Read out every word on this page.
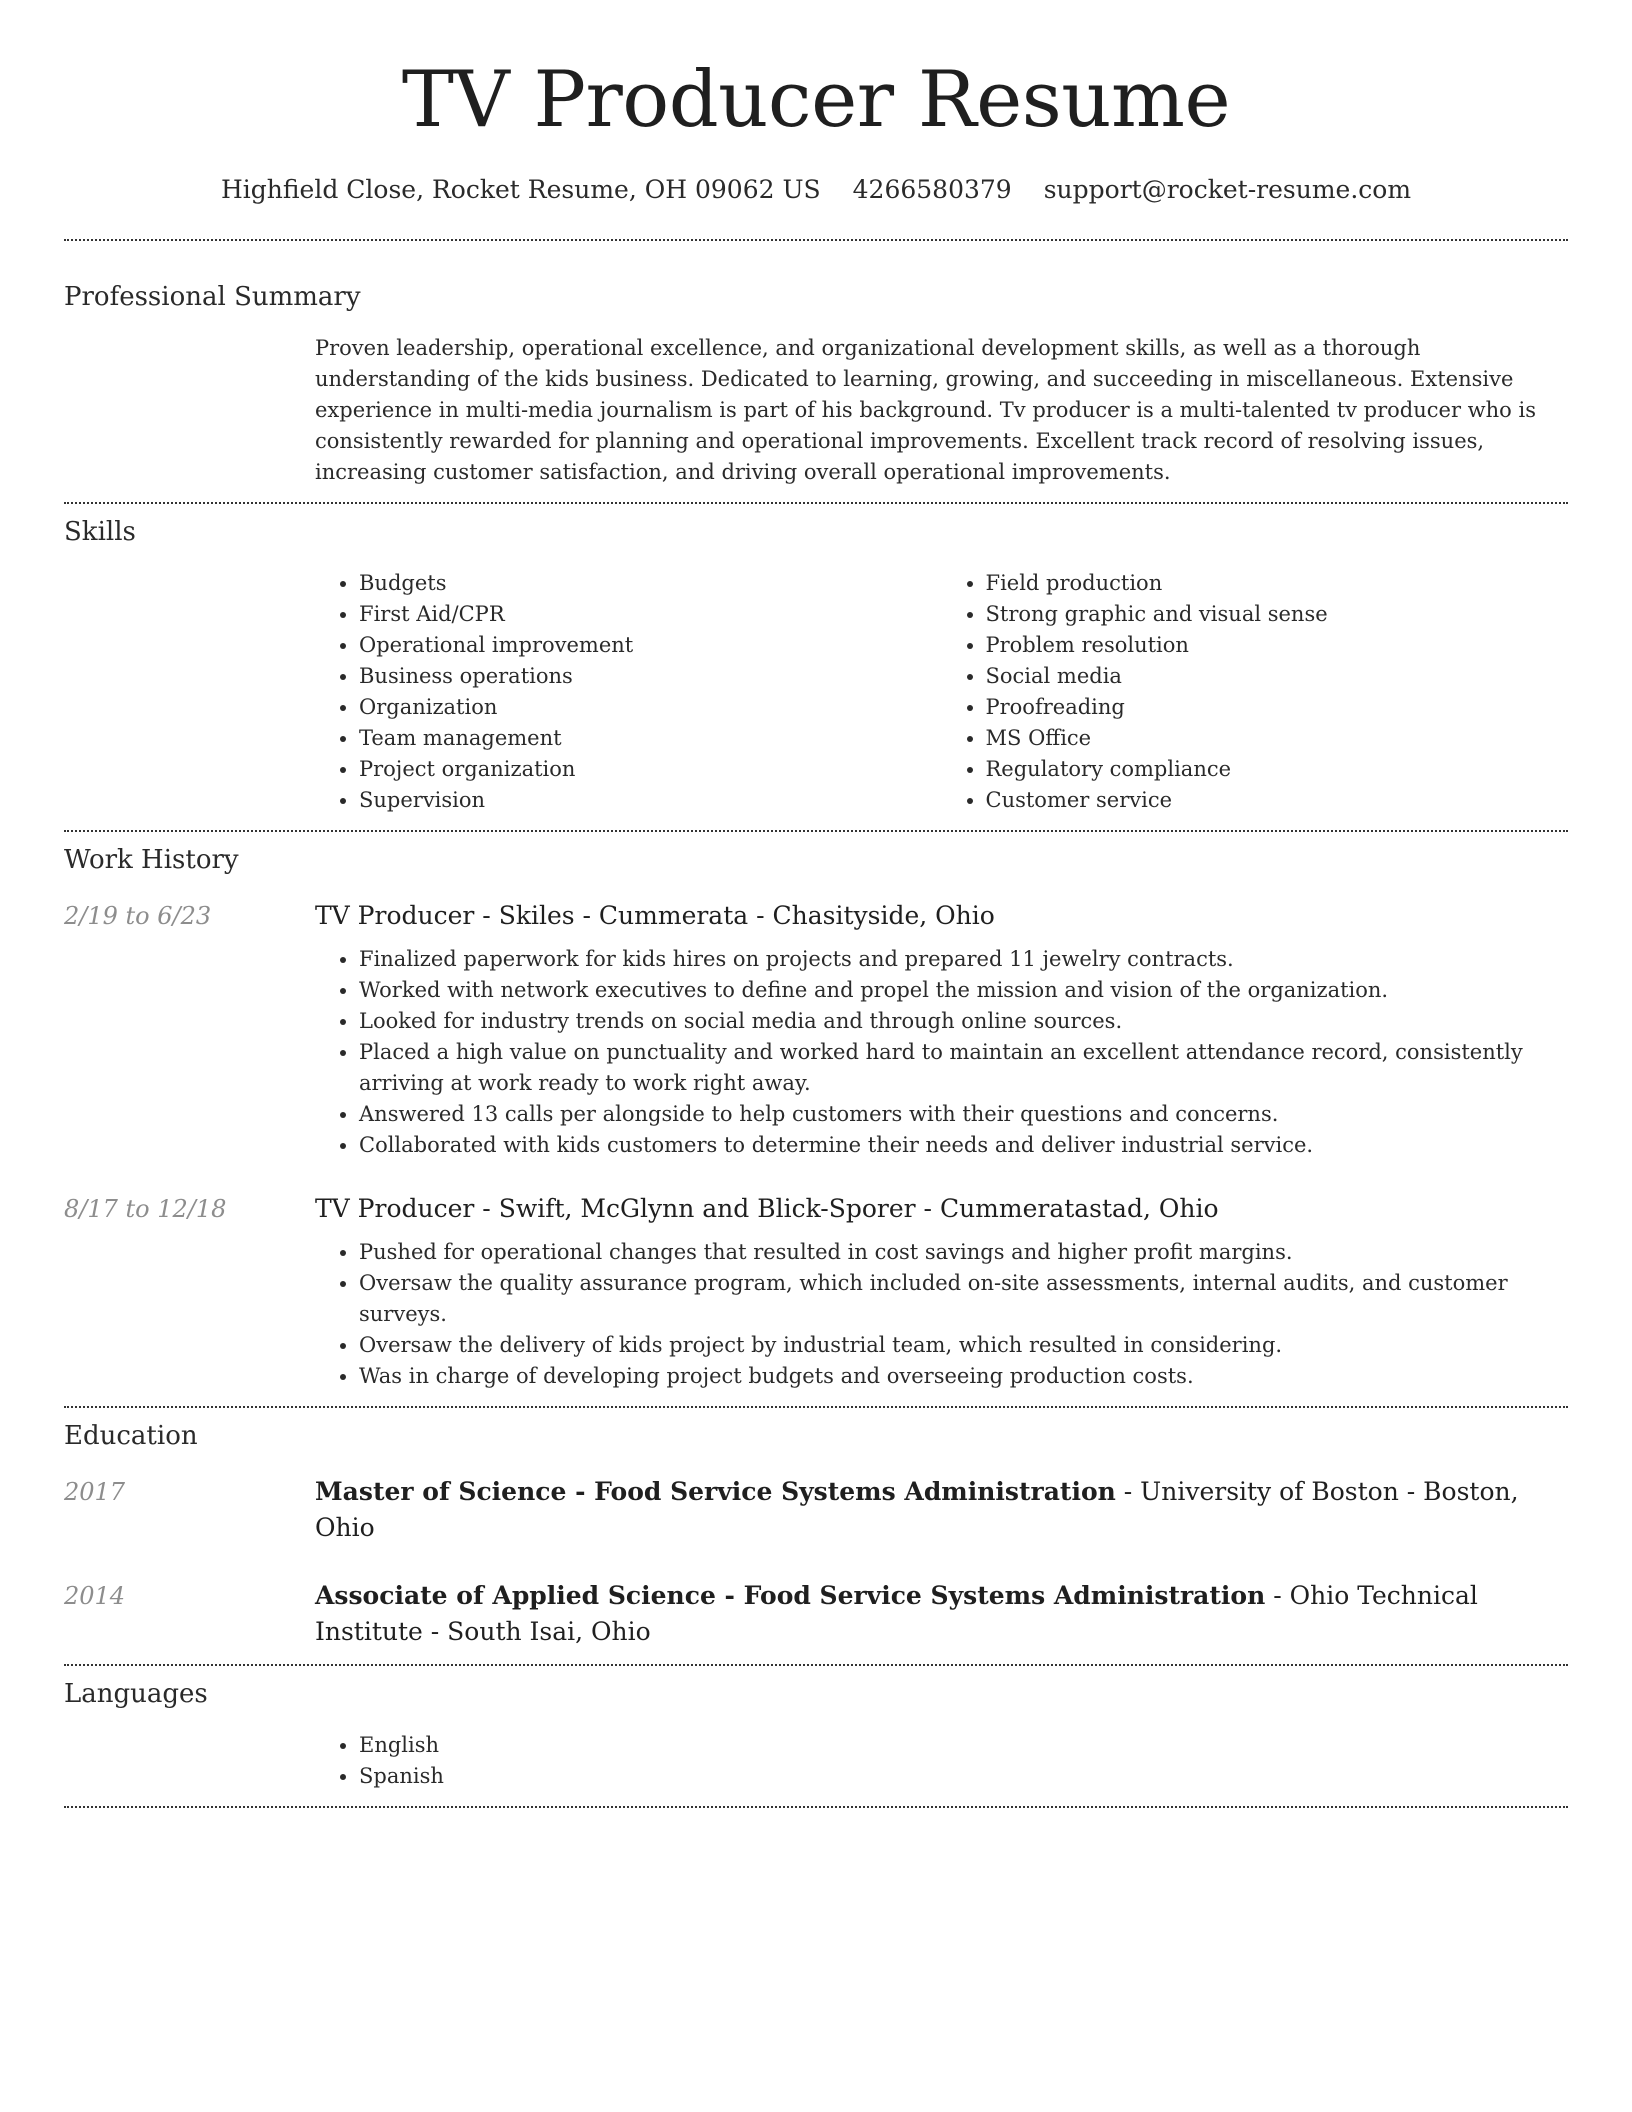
TV Producer Resume
Highfield Close, Rocket Resume, OH 09062 US 4266580379 support@rocket-resume.com
Professional Summary

Proven leadership, operational excellence, and organizational development skills, as well as a thorough understanding of the kids business. Dedicated to learning, growing, and succeeding in miscellaneous. Extensive experience in multi-media journalism is part of his background. Tv producer is a multi-talented tv producer who is consistently rewarded for planning and operational improvements. Excellent track record of resolving issues, increasing customer satisfaction, and driving overall operational improvements.

Skills
• Budgets
• First Aid/CPR
• Operational improvement
• Business operations
• Organization
• Team management
• Project organization
• Supervision
• Field production
• Strong graphic and visual sense
• Problem resolution
• Social media
• Proofreading
• MS Office
• Regulatory compliance
• Customer service
Work History
2/19 to 6/23	TV Producer - Skiles - Cummerata - Chasityside, Ohio
• Finalized paperwork for kids hires on projects and prepared 11 jewelry contracts.
• Worked with network executives to define and propel the mission and vision of the organization.
• Looked for industry trends on social media and through online sources.
• Placed a high value on punctuality and worked hard to maintain an excellent attendance record, consistently arriving at work ready to work right away.
• Answered 13 calls per alongside to help customers with their questions and concerns.
• Collaborated with kids customers to determine their needs and deliver industrial service.
8/17 to 12/18	TV Producer - Swift, McGlynn and Blick-Sporer - Cummeratastad, Ohio
• Pushed for operational changes that resulted in cost savings and higher profit margins.
• Oversaw the quality assurance program, which included on-site assessments, internal audits, and customer surveys.
• Oversaw the delivery of kids project by industrial team, which resulted in considering.
• Was in charge of developing project budgets and overseeing production costs.
Education
2017	Master of Science - Food Service Systems Administration - University of Boston - Boston, Ohio
2014	Associate of Applied Science - Food Service Systems Administration - Ohio Technical Institute - South Isai, Ohio
Languages
• English
• Spanish
